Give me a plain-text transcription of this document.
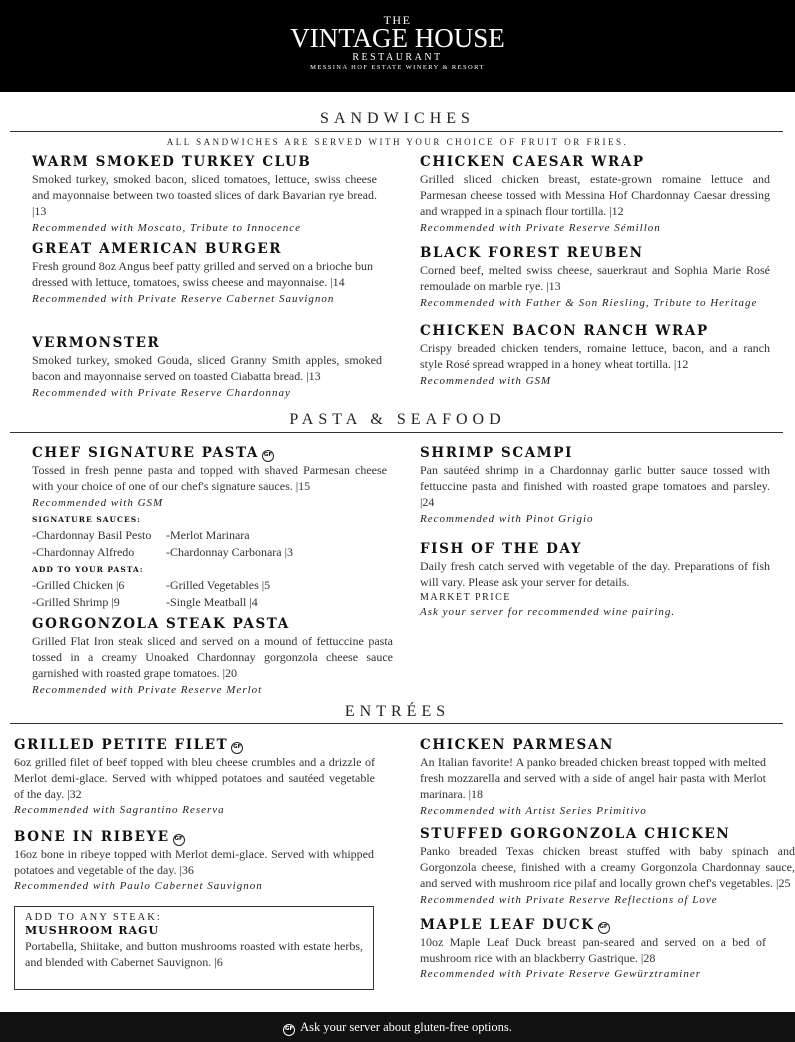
THE
VINTAGE HOUSE
RESTAURANT
MESSINA HOF ESTATE WINERY & RESORT
SANDWICHES
ALL SANDWICHES ARE SERVED WITH YOUR CHOICE OF FRUIT OR FRIES.
WARM SMOKED TURKEY CLUB
Smoked turkey, smoked bacon, sliced tomatoes, lettuce, swiss cheese and mayonnaise between two toasted slices of dark Bavarian rye bread. |13
Recommended with Moscato, Tribute to Innocence
GREAT AMERICAN BURGER
Fresh ground 8oz Angus beef patty grilled and served on a brioche bun dressed with lettuce, tomatoes, swiss cheese and mayonnaise. |14
Recommended with Private Reserve Cabernet Sauvignon
VERMONSTER
Smoked turkey, smoked Gouda, sliced Granny Smith apples, smoked bacon and mayonnaise served on toasted Ciabatta bread. |13
Recommended with Private Reserve Chardonnay
CHICKEN CAESAR WRAP
Grilled sliced chicken breast, estate-grown romaine lettuce and Parmesan cheese tossed with Messina Hof Chardonnay Caesar dressing and wrapped in a spinach flour tortilla. |12
Recommended with Private Reserve Sémillon
BLACK FOREST REUBEN
Corned beef, melted swiss cheese, sauerkraut and Sophia Marie Rosé remoulade on marble rye. |13
Recommended with Father & Son Riesling, Tribute to Heritage
CHICKEN BACON RANCH WRAP
Crispy breaded chicken tenders, romaine lettuce, bacon, and a ranch style Rosé spread wrapped in a honey wheat tortilla. |12
Recommended with GSM
PASTA & SEAFOOD
CHEF SIGNATURE PASTA GF
Tossed in fresh penne pasta and topped with shaved Parmesan cheese with your choice of one of our chef's signature sauces. |15
Recommended with GSM
SIGNATURE SAUCES:
-Chardonnay Basil Pesto	-Merlot Marinara
-Chardonnay Alfredo	-Chardonnay Carbonara |3
ADD TO YOUR PASTA:
-Grilled Chicken |6	-Grilled Vegetables |5
-Grilled Shrimp |9	-Single Meatball |4
GORGONZOLA STEAK PASTA
Grilled Flat Iron steak sliced and served on a mound of fettuccine pasta tossed in a creamy Unoaked Chardonnay gorgonzola cheese sauce garnished with roasted grape tomatoes. |20
Recommended with Private Reserve Merlot
SHRIMP SCAMPI
Pan sautéed shrimp in a Chardonnay garlic butter sauce tossed with fettuccine pasta and finished with roasted grape tomatoes and parsley. |24
Recommended with Pinot Grigio
FISH OF THE DAY
Daily fresh catch served with vegetable of the day. Preparations of fish will vary. Please ask your server for details.
MARKET PRICE
Ask your server for recommended wine pairing.
ENTRÉES
GRILLED PETITE FILET GF
6oz grilled filet of beef topped with bleu cheese crumbles and a drizzle of Merlot demi-glace. Served with whipped potatoes and sautéed vegetable of the day. |32
Recommended with Sagrantino Reserva
BONE IN RIBEYE GF
16oz bone in ribeye topped with Merlot demi-glace. Served with whipped potatoes and vegetable of the day. |36
Recommended with Paulo Cabernet Sauvignon
ADD TO ANY STEAK:
MUSHROOM RAGU
Portabella, Shiitake, and button mushrooms roasted with estate herbs, and blended with Cabernet Sauvignon. |6
CHICKEN PARMESAN
An Italian favorite! A panko breaded chicken breast topped with melted fresh mozzarella and served with a side of angel hair pasta with Merlot marinara. |18
Recommended with Artist Series Primitivo
STUFFED GORGONZOLA CHICKEN
Panko breaded Texas chicken breast stuffed with baby spinach and Gorgonzola cheese, finished with a creamy Gorgonzola Chardonnay sauce, and served with mushroom rice pilaf and locally grown chef's vegetables. |25
Recommended with Private Reserve Reflections of Love
MAPLE LEAF DUCK GF
10oz Maple Leaf Duck breast pan-seared and served on a bed of mushroom rice with an blackberry Gastrique. |28
Recommended with Private Reserve Gewürztraminer
GF Ask your server about gluten-free options.
